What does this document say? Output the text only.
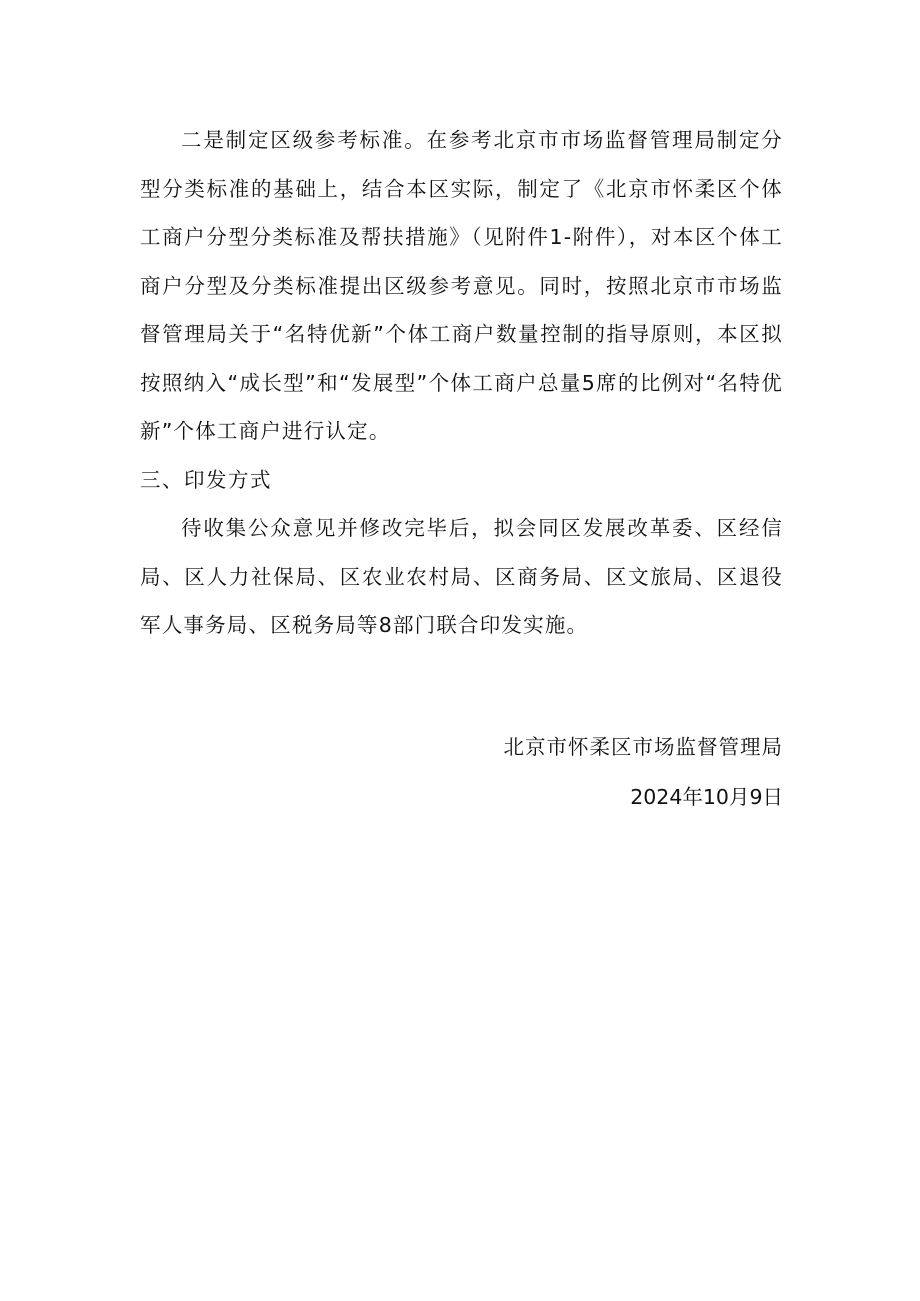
二是制定区级参考标准。在参考北京市市场监督管理局制定分型分类标准的基础上，结合本区实际，制定了《北京市怀柔区个体工商户分型分类标准及帮扶措施》（见附件1-附件），对本区个体工商户分型及分类标准提出区级参考意见。同时，按照北京市市场监督管理局关于“名特优新”个体工商户数量控制的指导原则，本区拟按照纳入“成长型”和“发展型”个体工商户总量5席的比例对“名特优新”个体工商户进行认定。

三、印发方式

待收集公众意见并修改完毕后，拟会同区发展改革委、区经信局、区人力社保局、区农业农村局、区商务局、区文旅局、区退役军人事务局、区税务局等8部门联合印发实施。

北京市怀柔区市场监督管理局
2024年10月9日
